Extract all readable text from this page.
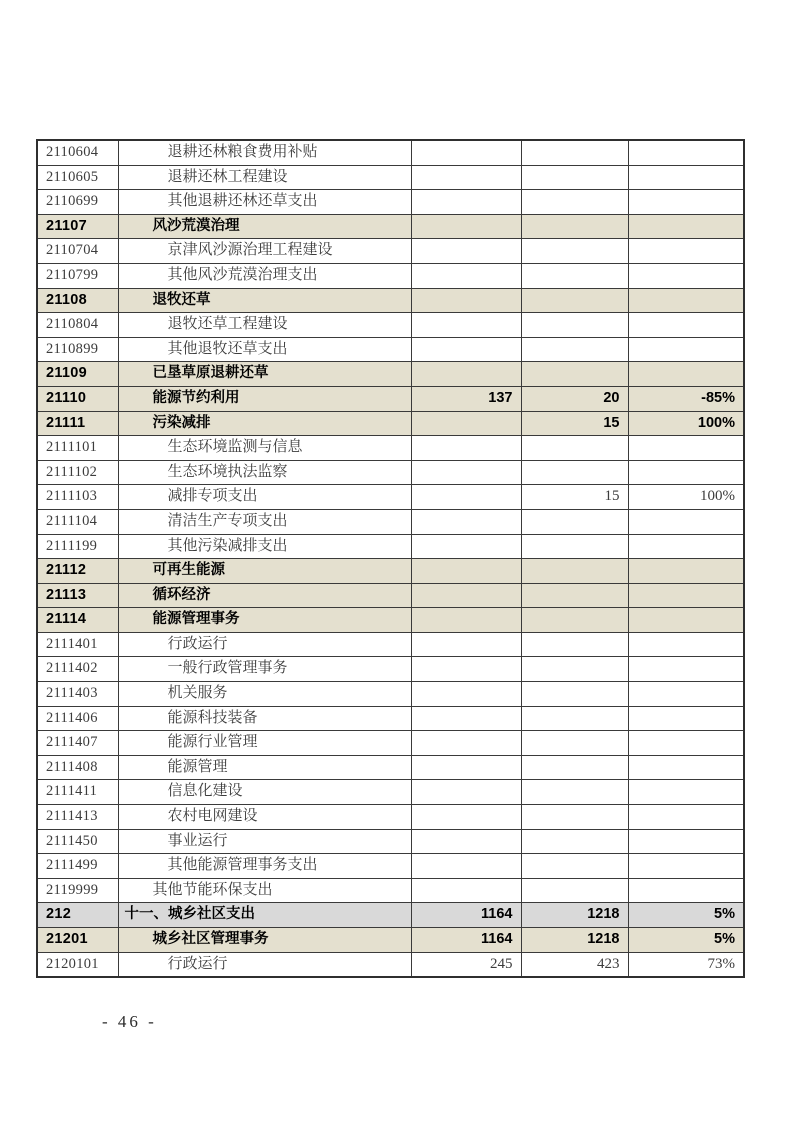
2110604	退耕还林粮食费用补贴			
2110605	退耕还林工程建设			
2110699	其他退耕还林还草支出			
21107	风沙荒漠治理			
2110704	京津风沙源治理工程建设			
2110799	其他风沙荒漠治理支出			
21108	退牧还草			
2110804	退牧还草工程建设			
2110899	其他退牧还草支出			
21109	已垦草原退耕还草			
21110	能源节约利用	137	20	-85%
21111	污染减排		15	100%
2111101	生态环境监测与信息			
2111102	生态环境执法监察			
2111103	减排专项支出		15	100%
2111104	清洁生产专项支出			
2111199	其他污染减排支出			
21112	可再生能源			
21113	循环经济			
21114	能源管理事务			
2111401	行政运行			
2111402	一般行政管理事务			
2111403	机关服务			
2111406	能源科技装备			
2111407	能源行业管理			
2111408	能源管理			
2111411	信息化建设			
2111413	农村电网建设			
2111450	事业运行			
2111499	其他能源管理事务支出			
2119999	其他节能环保支出			
212	十一、城乡社区支出	1164	1218	5%
21201	城乡社区管理事务	1164	1218	5%
2120101	行政运行	245	423	73%
- 46 -
